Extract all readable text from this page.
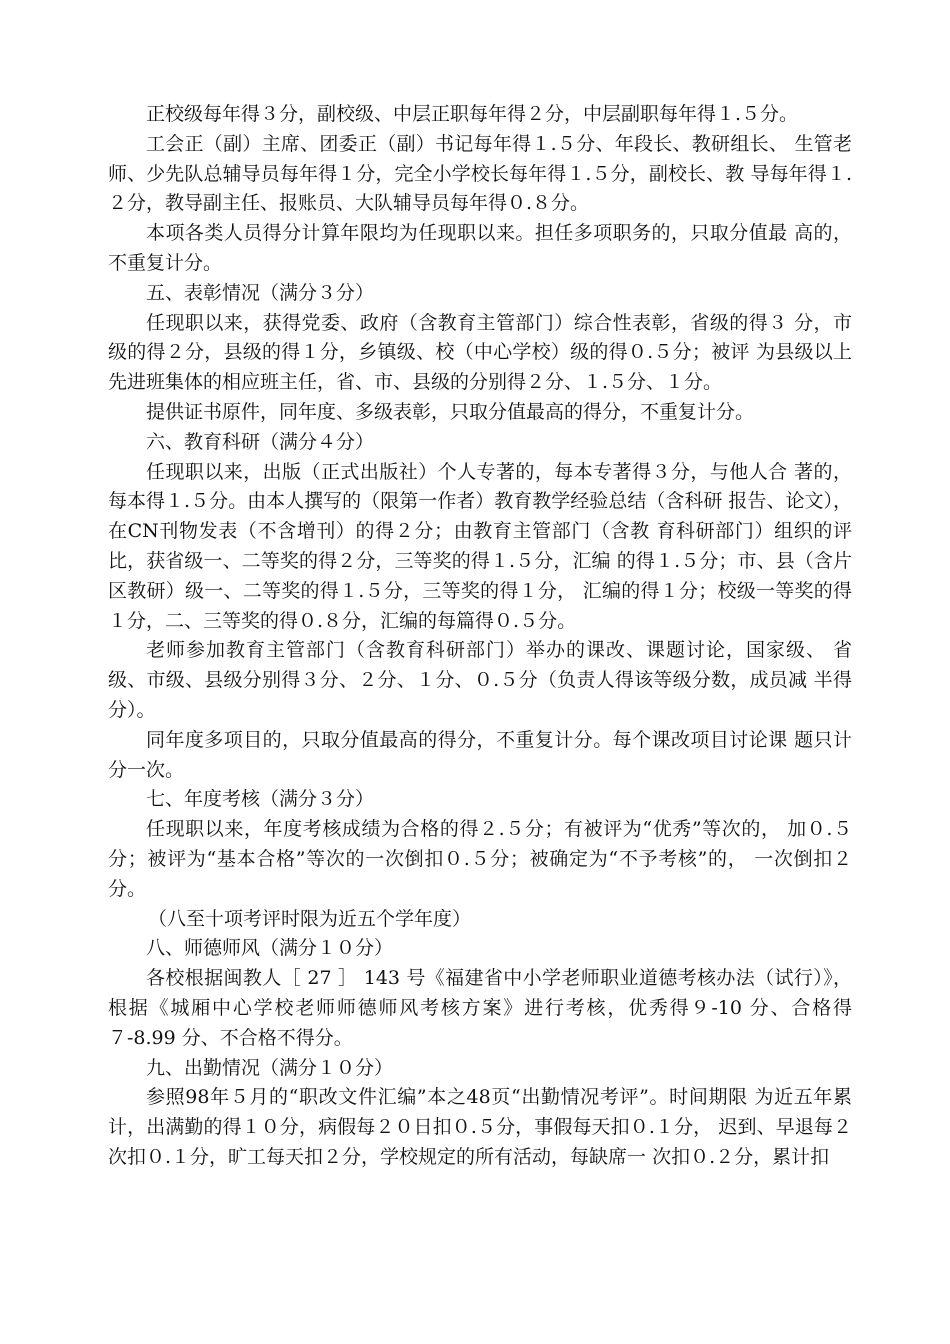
正校级每年得３分，副校级、中层正职每年得２分，中层副职每年得１.５分。

工会正（副）主席、团委正（副）书记每年得１.５分、年段长、教研组长、 生管老师、少先队总辅导员每年得１分，完全小学校长每年得１.５分，副校长、教 导每年得１.２分，教导副主任、报账员、大队辅导员每年得０.８分。

本项各类人员得分计算年限均为任现职以来。担任多项职务的，只取分值最 高的，不重复计分。

五、表彰情况（满分３分）

任现职以来，获得党委、政府（含教育主管部门）综合性表彰，省级的得３ 分，市级的得２分，县级的得１分，乡镇级、校（中心学校）级的得０.５分；被评 为县级以上先进班集体的相应班主任，省、市、县级的分别得２分、１.５分、１分。

提供证书原件，同年度、多级表彰，只取分值最高的得分，不重复计分。

六、教育科研（满分４分）

任现职以来，出版（正式出版社）个人专著的，每本专著得３分，与他人合 著的，每本得１.５分。由本人撰写的（限第一作者）教育教学经验总结（含科研 报告、论文），在CN刊物发表（不含增刊）的得２分；由教育主管部门（含教 育科研部门）组织的评比，获省级一、二等奖的得２分，三等奖的得１.５分，汇编 的得１.５分；市、县（含片区教研）级一、二等奖的得１.５分，三等奖的得１分， 汇编的得１分；校级一等奖的得１分，二、三等奖的得０.８分，汇编的每篇得０.５分。

老师参加教育主管部门（含教育科研部门）举办的课改、课题讨论，国家级、 省级、市级、县级分别得３分、２分、１分、０.５分（负责人得该等级分数，成员减 半得分）。

同年度多项目的，只取分值最高的得分，不重复计分。每个课改项目讨论课 题只计分一次。

七、年度考核（满分３分）

任现职以来，年度考核成绩为合格的得２.５分；有被评为“优秀”等次的， 加０.５分；被评为“基本合格”等次的一次倒扣０.５分；被确定为“不予考核”的， 一次倒扣２分。

（八至十项考评时限为近五个学年度）

八、师德师风（满分１０分）

各校根据闽教人［ 27 ］ 143 号《福建省中小学老师职业道德考核办法（试行）》，根据《城厢中心学校老师师德师风考核方案》进行考核，优秀得９-10 分、合格得７-8.99 分、不合格不得分。

九、出勤情况（满分１０分）

参照98年５月的“职改文件汇编”本之48页“出勤情况考评”。时间期限 为近五年累计，出满勤的得１０分，病假每２０日扣０.５分，事假每天扣０.１分， 迟到、早退每２次扣０.１分，旷工每天扣２分，学校规定的所有活动，每缺席一 次扣０.２分，累计扣
